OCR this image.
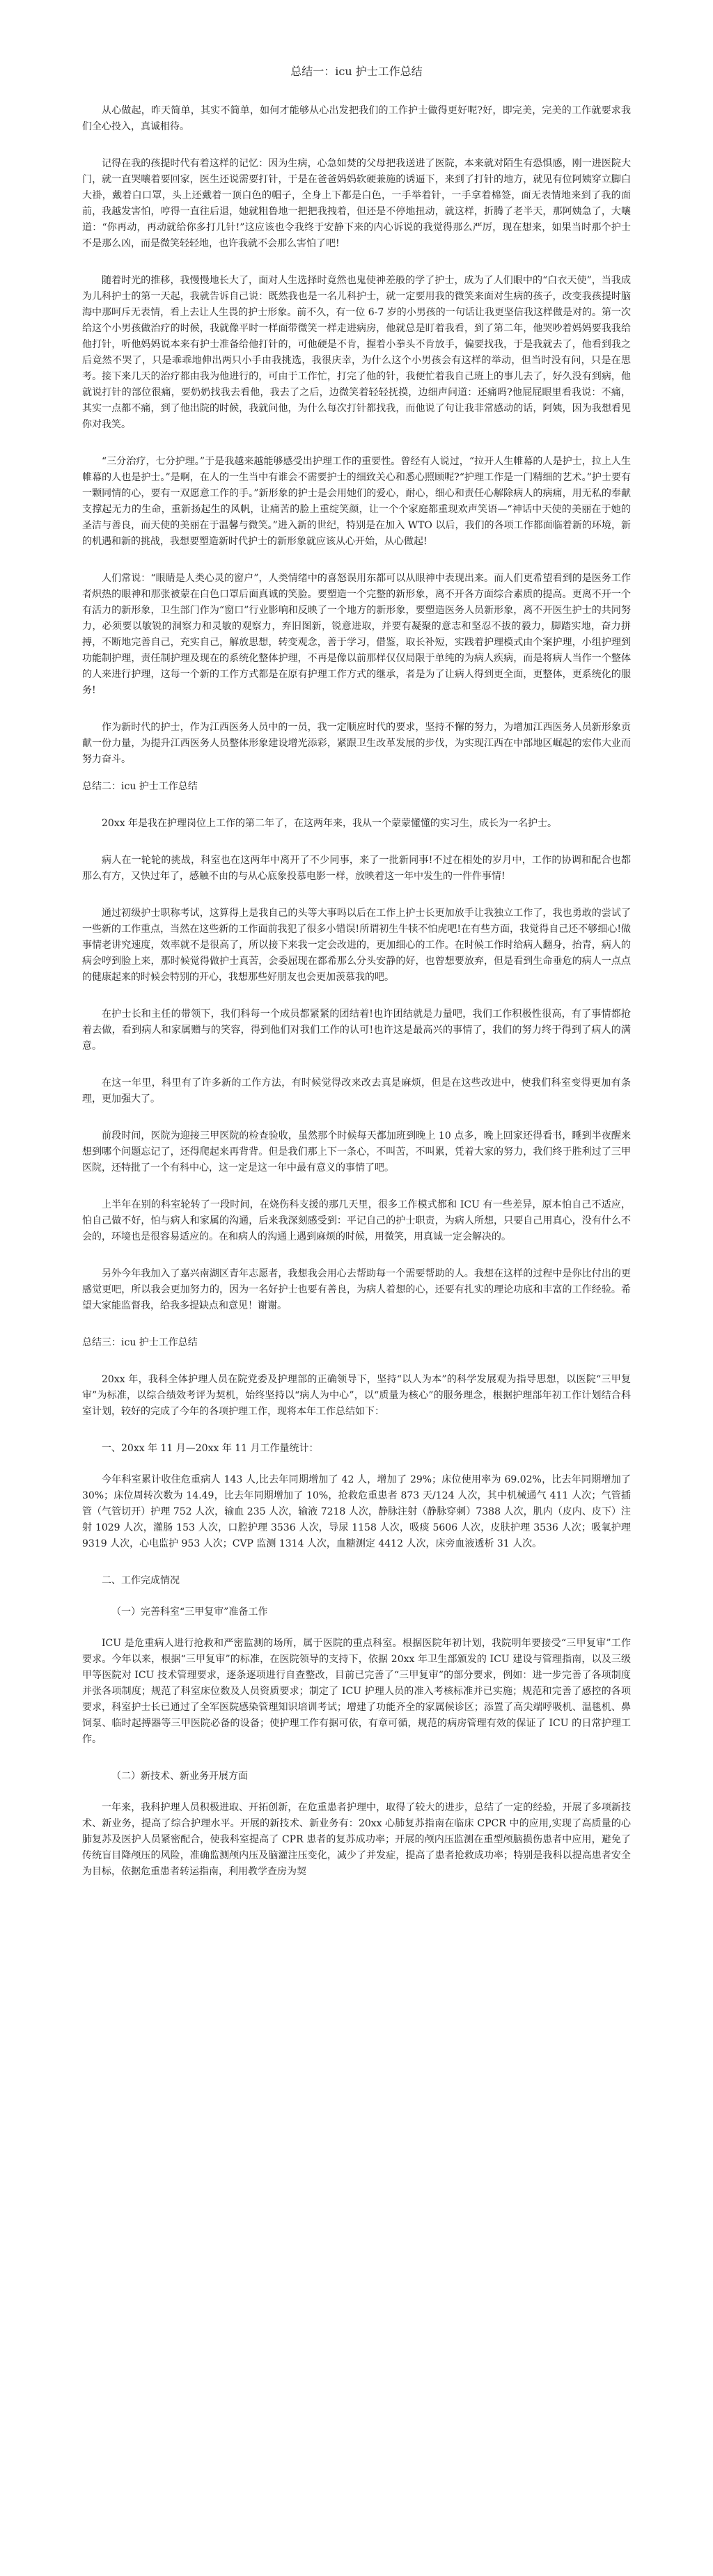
总结一：icu 护士工作总结

从心做起，昨天简单，其实不简单，如何才能够从心出发把我们的工作护士做得更好呢?好，即完美，完美的工作就要求我们全心投入，真诚相待。

记得在我的孩提时代有着这样的记忆：因为生病，心急如焚的父母把我送进了医院，本来就对陌生有恐惧感，刚一进医院大门，就一直哭嚷着要回家，医生还说需要打针，于是在爸爸妈妈软硬兼施的诱逼下，来到了打针的地方，就见有位阿姨穿立脚白大褂，戴着白口罩，头上还戴着一顶白色的帽子，全身上下都是白色，一手举着针，一手拿着棉签，面无表情地来到了我的面前，我越发害怕，哼得一直往后退，她就粗鲁地一把把我拽着，但还是不停地扭动，就这样，折腾了老半天，那阿姨急了，大嚷道：“你再动，再动就给你多打几针!”这应该也令我终于安静下来的内心诉说的我觉得那么严厉，现在想来，如果当时那个护士不是那么凶，而是微笑轻轻地，也许我就不会那么害怕了吧!

随着时光的推移，我慢慢地长大了，面对人生选择时竟然也鬼使神差般的学了护士，成为了人们眼中的“白衣天使”，当我成为儿科护士的第一天起，我就告诉自己说：既然我也是一名儿科护士，就一定要用我的微笑来面对生病的孩子，改变我孩提时脑海中那呵斥无表情，看上去让人生畏的护士形象。前不久，有一位 6-7 岁的小男孩的一句话让我更坚信我这样做是对的。第一次给这个小男孩做治疗的时候，我就像平时一样面带微笑一样走进病房，他就总是盯着我看，到了第二年，他哭吵着妈妈要我我给他打针，听他妈妈说本来有护士准备给他打针的，可他硬是不肯，握着小拳头不肯放手，偏要找我，于是我就去了，他看到我之后竟然不哭了，只是乖乖地伸出两只小手由我挑选，我很庆幸，为什么这个小男孩会有这样的举动，但当时没有问，只是在思考。接下来几天的治疗都由我为他进行的，可由于工作忙，打完了他的针，我便忙着我自己班上的事儿去了，好久没有到病，他就说打针的部位很痛，要奶奶找我去看他，我去了之后，边微笑着轻轻抚摸，边细声问道：还痛吗?他屁屁眼里看我说：不痛，其实一点都不痛，到了他出院的时候，我就问他，为什么每次打针都找我，而他说了句让我非常感动的话，阿姨，因为我想看见你对我笑。

“三分治疗，七分护理。”于是我越来越能够感受出护理工作的重要性。曾经有人说过，“拉开人生帷幕的人是护士，拉上人生帷幕的人也是护士。”是啊，在人的一生当中有谁会不需要护士的细致关心和悉心照顾呢?“护理工作是一门精细的艺术。”护士要有一颗同情的心，要有一双愿意工作的手。”新形象的护士是会用她们的爱心，耐心，细心和责任心解除病人的病痛，用无私的奉献支撑起无力的生命，重新扬起生的风帆，让痛苦的脸上重绽笑颜，让一个个家庭都重现欢声笑语—“神话中天使的美丽在于她的圣洁与善良，而天使的美丽在于温馨与微笑。”进入新的世纪，特别是在加入 WTO 以后，我们的各项工作都面临着新的环境，新的机遇和新的挑战，我想要塑造新时代护士的新形象就应该从心开始，从心做起!

人们常说：“眼睛是人类心灵的窗户”，人类情绪中的喜怒误用东都可以从眼神中表现出来。而人们更希望看到的是医务工作者炽热的眼神和那张被蒙在白色口罩后面真诚的笑脸。要塑造一个完整的新形象，离不开各方面综合素质的提高。更离不开一个有活力的新形象，卫生部门作为“窗口”行业影响和反映了一个地方的新形象，要塑造医务人员新形象，离不开医生护士的共同努力，必须要以敏锐的洞察力和灵敏的观察力，弃旧图新，锐意进取，并要有凝聚的意志和坚忍不拔的毅力，脚踏实地，奋力拼搏，不断地完善自己，充实自己，解放思想，转变观念，善于学习，借鉴，取长补短，实践着护理模式由个案护理，小组护理到功能制护理，责任制护理及现在的系统化整体护理，不再是像以前那样仅仅局限于单纯的为病人疾病，而是将病人当作一个整体的人来进行护理，这每一个新的工作方式都是在原有护理工作方式的继承，者是为了让病人得到更全面，更整体，更系统化的服务!

作为新时代的护士，作为江西医务人员中的一员，我一定顺应时代的要求，坚持不懈的努力，为增加江西医务人员新形象贡献一份力量，为提升江西医务人员整体形象建设增光添彩，紧跟卫生改革发展的步伐，为实现江西在中部地区崛起的宏伟大业而努力奋斗。

总结二：icu 护士工作总结

20xx 年是我在护理岗位上工作的第二年了，在这两年来，我从一个蒙蒙懂懂的实习生，成长为一名护士。

病人在一轮轮的挑战，科室也在这两年中离开了不少同事，来了一批新同事!不过在相处的岁月中，工作的协调和配合也都那么有方，又快过年了，感触不由的与从心底象投慕电影一样，放映着这一年中发生的一件件事情!

通过初级护士职称考试，这算得上是我自己的头等大事吗以后在工作上护士长更加放手让我独立工作了，我也勇敢的尝试了一些新的工作重点，当然在这些新的工作面前我犯了很多小错误!所谓初生牛犊不怕虎吧!在有些方面，我觉得自己还不够细心!做事情老讲究速度，效率就不是很高了，所以接下来我一定会改进的，更加细心的工作。在时候工作时给病人翻身，抬青，病人的病会哼到脸上来，那时候觉得做护士真苦，会委屈现在都希那么分头安静的好，也曾想要放弃，但是看到生命垂危的病人一点点的健康起来的时候会特别的开心，我想那些好朋友也会更加羡慕我的吧。

在护士长和主任的带领下，我们科每一个成员都紧紧的团结着!也许团结就是力量吧，我们工作积极性很高，有了事情都抢着去做，看到病人和家属赠与的笑容，得到他们对我们工作的认可!也许这是最高兴的事情了，我们的努力终于得到了病人的满意。

在这一年里，科里有了许多新的工作方法，有时候觉得改来改去真是麻烦，但是在这些改进中，使我们科室变得更加有条理，更加强大了。

前段时间，医院为迎接三甲医院的检查验收，虽然那个时候每天都加班到晚上 10 点多，晚上回家还得看书，睡到半夜醒来想到哪个问题忘记了，还得爬起来再背背。但是我们那上下一条心，不叫苦，不叫累，凭着大家的努力，我们终于胜利过了三甲医院，还特批了一个有科中心，这一定是这一年中最有意义的事情了吧。

上半年在别的科室轮转了一段时间，在烧伤科支援的那几天里，很多工作模式都和 ICU 有一些差异，原本怕自己不适应，怕自己做不好，怕与病人和家属的沟通，后来我深刻感受到：平记自己的护士职责，为病人所想，只要自己用真心，没有什么不会的，环境也是很容易适应的。在和病人的沟通上遇到麻烦的时候，用微笑，用真诚一定会解决的。

另外今年我加入了嘉兴南湖区青年志愿者，我想我会用心去帮助每一个需要帮助的人。我想在这样的过程中是你比付出的更感觉更吧，所以我会更加努力的，因为一名好护士也要有善良，为病人着想的心，还要有扎实的理论功底和丰富的工作经验。希望大家能监督我，给我多提缺点和意见！谢谢。

总结三：icu 护士工作总结

20xx 年，我科全体护理人员在院党委及护理部的正确领导下，坚持“以人为本”的科学发展观为指导思想，以医院“三甲复审”为标准，以综合绩效考评为契机，始终坚持以“病人为中心”，以“质量为核心”的服务理念，根据护理部年初工作计划结合科室计划，较好的完成了今年的各项护理工作，现将本年工作总结如下：

一、20xx 年 11 月—20xx 年 11 月工作量统计：

今年科室累计收住危重病人 143 人,比去年同期增加了 42 人，增加了 29%；床位使用率为 69.02%，比去年同期增加了 30%；床位周转次数为 14.49，比去年同期增加了 10%，抢救危重患者 873 天/124 人次，其中机械通气 411 人次；气管插管（气管切开）护理 752 人次，输血 235 人次，输液 7218 人次，静脉注射（静脉穿刺）7388 人次，肌内（皮内、皮下）注射 1029 人次，灌肠 153 人次，口腔护理 3536 人次，导尿 1158 人次，吸痰 5606 人次，皮肤护理 3536 人次；吸氧护理 9319 人次，心电监护 953 人次；CVP 监测 1314 人次，血糖测定 4412 人次，床旁血液透析 31 人次。

二、工作完成情况
（一）完善科室“三甲复审”准备工作

ICU 是危重病人进行抢救和严密监测的场所，属于医院的重点科室。根据医院年初计划，我院明年要接受“三甲复审”工作要求。今年以来，根据“三甲复审”的标准，在医院领导的支持下，依据 20xx 年卫生部颁发的 ICU 建设与管理指南，以及三级甲等医院对 ICU 技术管理要求，逐条逐项进行自查整改，目前已完善了“三甲复审”的部分要求，例如：进一步完善了各项制度并张各项制度；规范了科室床位数及人员资质要求；制定了 ICU 护理人员的准入考核标准并已实施；规范和完善了感控的各项要求，科室护士长已通过了全军医院感染管理知识培训考试；增建了功能齐全的家属候诊区；添置了高尖端呼吸机、温毯机、鼻饲泵、临时起搏器等三甲医院必备的设备；使护理工作有据可依，有章可循，规范的病房管理有效的保证了 ICU 的日常护理工作。

（二）新技术、新业务开展方面

一年来，我科护理人员积极进取、开拓创新，在危重患者护理中，取得了较大的进步，总结了一定的经验，开展了多项新技术、新业务，提高了综合护理水平。开展的新技术、新业务有：20xx 心肺复苏指南在临床 CPCR 中的应用,实现了高质量的心肺复苏及医护人员紧密配合，使我科室提高了 CPR 患者的复苏成功率；开展的颅内压监测在重型颅脑损伤患者中应用，避免了传统盲目降颅压的风险，准确监测颅内压及脑灌注压变化，减少了并发症，提高了患者抢救成功率；特别是我科以提高患者安全为目标，依据危重患者转运指南，利用教学查房为契
